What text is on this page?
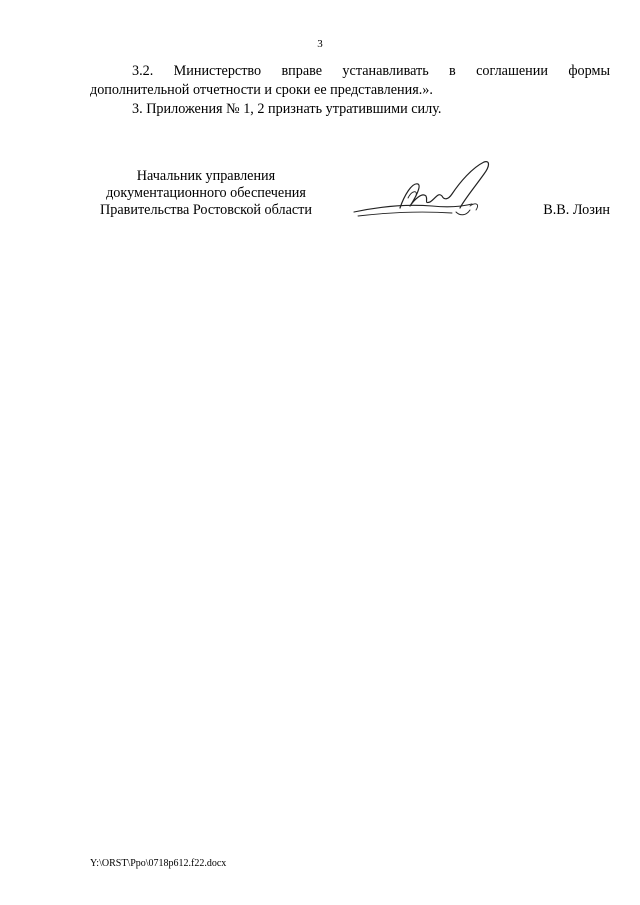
3
3.2. Министерство вправе устанавливать в соглашении формы дополнительной отчетности и сроки ее представления.».
3. Приложения № 1, 2 признать утратившими силу.
Начальник управления
документационного обеспечения
Правительства Ростовской области	В.В. Лозин
Y:\ORST\Ppo\0718p612.f22.docx
